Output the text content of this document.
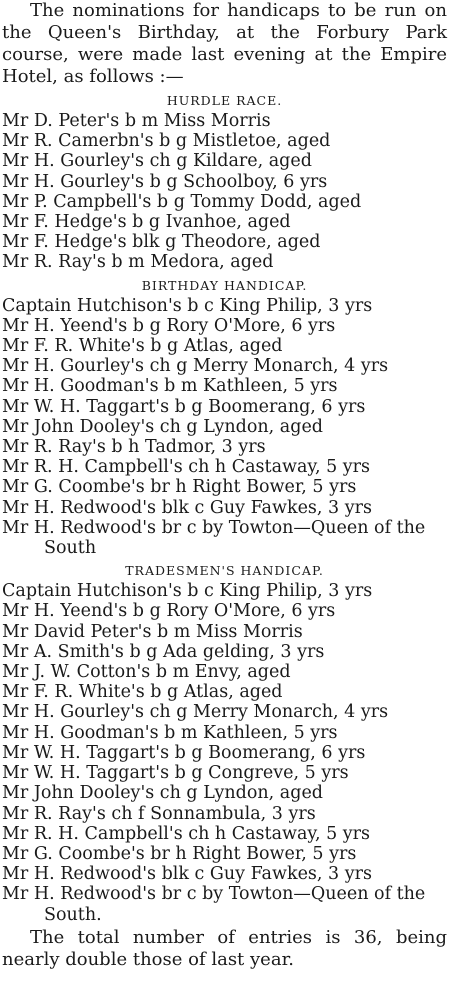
The nominations for handicaps to be run on the Queen's Birthday, at the Forbury Park course, were made last evening at the Empire Hotel, as follows :—

HURDLE RACE.
Mr D. Peter's b m Miss Morris
Mr R. Camerbn's b g Mistletoe, aged
Mr H. Gourley's ch g Kildare, aged
Mr H. Gourley's b g Schoolboy, 6 yrs
Mr P. Campbell's b g Tommy Dodd, aged
Mr F. Hedge's b g Ivanhoe, aged
Mr F. Hedge's blk g Theodore, aged
Mr R. Ray's b m Medora, aged
BIRTHDAY HANDICAP.
Captain Hutchison's b c King Philip, 3 yrs
Mr H. Yeend's b g Rory O'More, 6 yrs
Mr F. R. White's b g Atlas, aged
Mr H. Gourley's ch g Merry Monarch, 4 yrs
Mr H. Goodman's b m Kathleen, 5 yrs
Mr W. H. Taggart's b g Boomerang, 6 yrs
Mr John Dooley's ch g Lyndon, aged
Mr R. Ray's b h Tadmor, 3 yrs
Mr R. H. Campbell's ch h Castaway, 5 yrs
Mr G. Coombe's br h Right Bower, 5 yrs
Mr H. Redwood's blk c Guy Fawkes, 3 yrs
Mr H. Redwood's br c by Towton—Queen of the South
TRADESMEN'S HANDICAP.
Captain Hutchison's b c King Philip, 3 yrs
Mr H. Yeend's b g Rory O'More, 6 yrs
Mr David Peter's b m Miss Morris
Mr A. Smith's b g Ada gelding, 3 yrs
Mr J. W. Cotton's b m Envy, aged
Mr F. R. White's b g Atlas, aged
Mr H. Gourley's ch g Merry Monarch, 4 yrs
Mr H. Goodman's b m Kathleen, 5 yrs
Mr W. H. Taggart's b g Boomerang, 6 yrs
Mr W. H. Taggart's b g Congreve, 5 yrs
Mr John Dooley's ch g Lyndon, aged
Mr R. Ray's ch f Sonnambula, 3 yrs
Mr R. H. Campbell's ch h Castaway, 5 yrs
Mr G. Coombe's br h Right Bower, 5 yrs
Mr H. Redwood's blk c Guy Fawkes, 3 yrs
Mr H. Redwood's br c by Towton—Queen of the South.

The total number of entries is 36, being nearly double those of last year.
